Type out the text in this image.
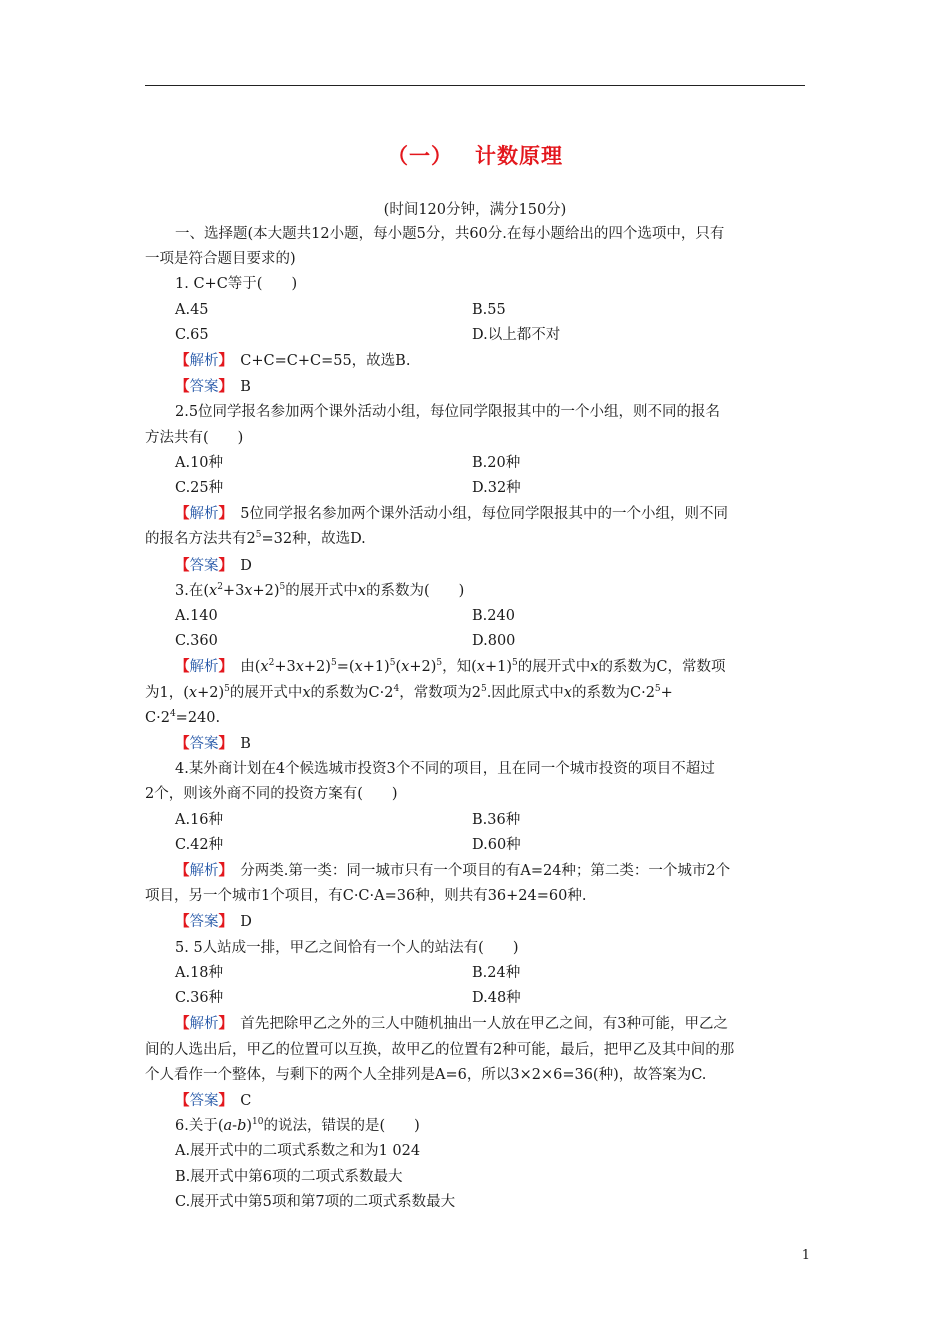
（一） 计数原理
(时间120分钟，满分150分)

一、选择题(本大题共12小题，每小题5分，共60分.在每小题给出的四个选项中，只有

一项是符合题目要求的)

1. C+C等于(　　)

A.45	B.55
C.65	D.以上都不对

【解析】　 C+C=C+C=55，故选B.

【答案】　 B

2.5位同学报名参加两个课外活动小组，每位同学限报其中的一个小组，则不同的报名

方法共有(　　)

A.10种	B.20种
C.25种	D.32种

【解析】　 5位同学报名参加两个课外活动小组，每位同学限报其中的一个小组，则不同

的报名方法共有$2^5=32$种，故选D.

【答案】　 D

3.在$(x^2+3x+2)^5$的展开式中x的系数为(　　)

A.140	B.240
C.360	D.800

【解析】　 由$(x^2+3x+2)^5=(x+1)^5(x+2)^5$，知$(x+1)^5$的展开式中x的系数为C，常数项

为1，$(x+2)^5$的展开式中x的系数为$C\cdot 2^4$，常数项为$2^5$.因此原式中x的系数为$C\cdot 2^5+$

$C\cdot 2^4=240$.

【答案】　 B

4.某外商计划在4个候选城市投资3个不同的项目，且在同一个城市投资的项目不超过

2个，则该外商不同的投资方案有(　　)

A.16种	B.36种
C.42种	D.60种

【解析】　 分两类.第一类：同一城市只有一个项目的有A=24种；第二类：一个城市2个

项目，另一个城市1个项目，有C·C·A=36种，则共有36+24=60种.

【答案】　 D

5. 5人站成一排，甲乙之间恰有一个人的站法有(　　)

A.18种	B.24种
C.36种	D.48种

【解析】　 首先把除甲乙之外的三人中随机抽出一人放在甲乙之间，有3种可能，甲乙之

间的人选出后，甲乙的位置可以互换，故甲乙的位置有2种可能，最后，把甲乙及其中间的那

个人看作一个整体，与剩下的两个人全排列是A=6，所以3×2×6=36(种)，故答案为C.

【答案】　 C

6.关于$(a-b)^{10}$的说法，错误的是(　　)

A.展开式中的二项式系数之和为1 024

B.展开式中第6项的二项式系数最大

C.展开式中第5项和第7项的二项式系数最大

1
